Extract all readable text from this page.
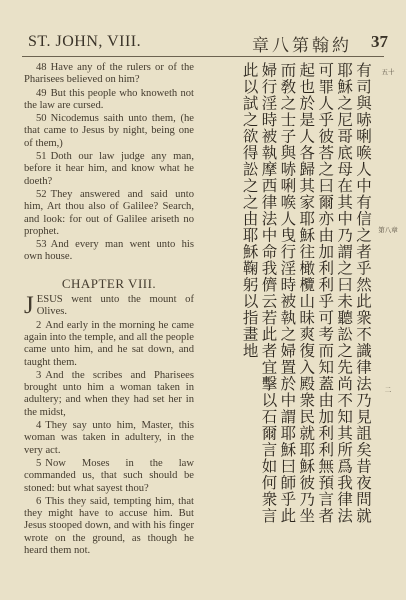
ST. JOHN, VIII.	章八第翰約 37

48 Have any of the rulers or of the Pharisees believed on him?

49 But this people who knoweth not the law are cursed.

50 Nicodemus saith unto them, (he that came to Jesus by night, being one of them,)

51 Doth our law judge any man, before it hear him, and know what he doeth?

52 They answered and said unto him, Art thou also of Galilee? Search, and look: for out of Galilee ariseth no prophet.

53 And every man went unto his own house.

CHAPTER VIII.

JESUS went unto the mount of Olives.

2 And early in the morning he came again into the temple, and all the people came unto him, and he sat down, and taught them.

3 And the scribes and Pharisees brought unto him a woman taken in adultery; and when they had set her in the midst,

4 They say unto him, Master, this woman was taken in adultery, in the very act.

5 Now Moses in the law commanded us, that such should be stoned: but what sayest thou?

6 This they said, tempting him, that they might have to accuse him. But Jesus stooped down, and with his finger wrote on the ground, as though he heard them not.

有司與哧唎㗋人中有信之者乎然此衆不識律法乃見詛矣昔夜問就耶穌之尼哥底母在其中乃謂之曰未聽訟之先尚不知其所爲我律法可罪人乎彼荅之曰爾亦由加利利乎可考而知蓋由加利利無預言者起也於是人各歸其家耶穌往橄欖山昧爽復入殿衆民就耶穌彼乃坐而敎之士子與哧唎㗋人曳行淫時被執之婦置於中謂耶穌曰師乎此婦行淫時被執摩西律法中命我儕云若此者宜擊以石爾言如何衆言此以試之欲得訟之之由耶穌鞠躬以指畫地	五十
第八章
二
